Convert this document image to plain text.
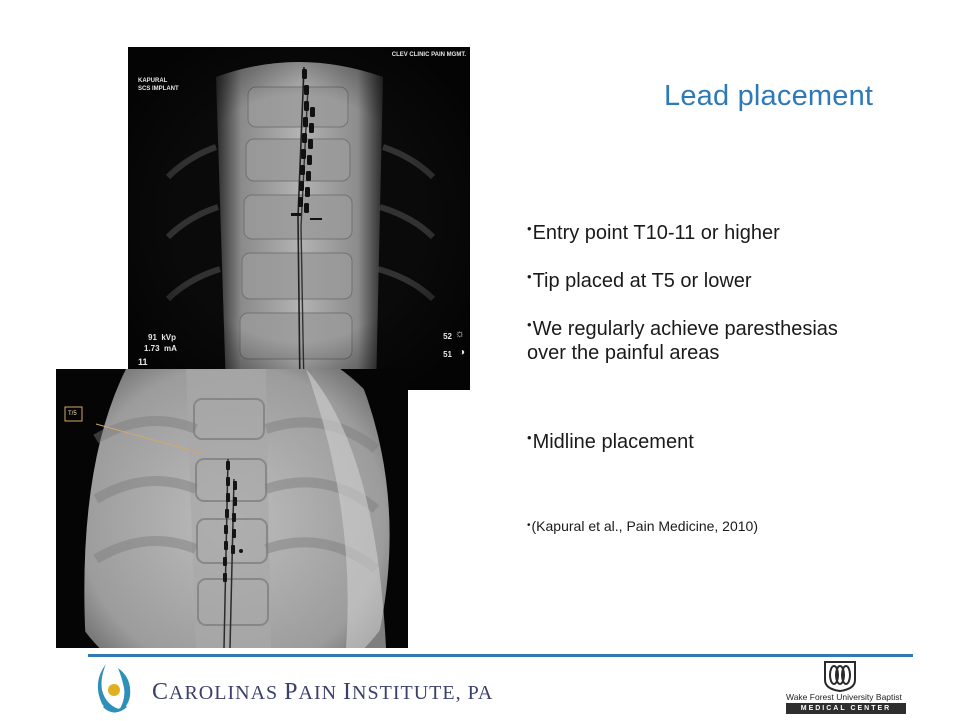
CLEV CLINIC PAIN MGMT.
KAPURAL
SCS IMPLANT
91 kVp
1.73 mA
11
52 ☼
51 ◑
T/5
Lead placement
•Entry point T10-11 or higher
•Tip placed at T5 or lower
•We regularly achieve paresthesias over the painful areas
•Midline placement
•(Kapural et al., Pain Medicine, 2010)
CAROLINAS PAIN INSTITUTE, PA	Wake Forest University Baptist
MEDICAL CENTER
